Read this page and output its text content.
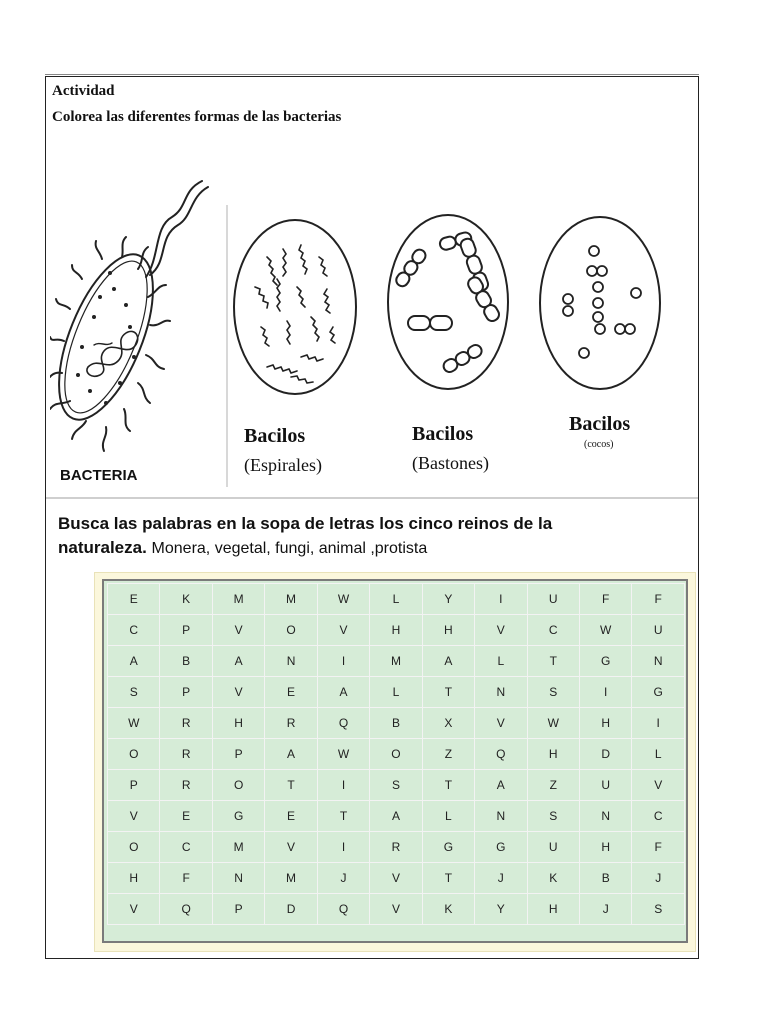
Actividad
Colorea las diferentes formas de las bacterias
BACTERIA
Bacilos
(Espirales)
Bacilos
(Bastones)
Bacilos
(cocos)
Busca las palabras en la sopa de letras los cinco reinos de la
naturaleza. Monera, vegetal, fungi, animal ,protista
E	K	M	M	W	L	Y	I	U	F	F
C	P	V	O	V	H	H	V	C	W	U
A	B	A	N	I	M	A	L	T	G	N
S	P	V	E	A	L	T	N	S	I	G
W	R	H	R	Q	B	X	V	W	H	I
O	R	P	A	W	O	Z	Q	H	D	L
P	R	O	T	I	S	T	A	Z	U	V
V	E	G	E	T	A	L	N	S	N	C
O	C	M	V	I	R	G	G	U	H	F
H	F	N	M	J	V	T	J	K	B	J
V	Q	P	D	Q	V	K	Y	H	J	S
